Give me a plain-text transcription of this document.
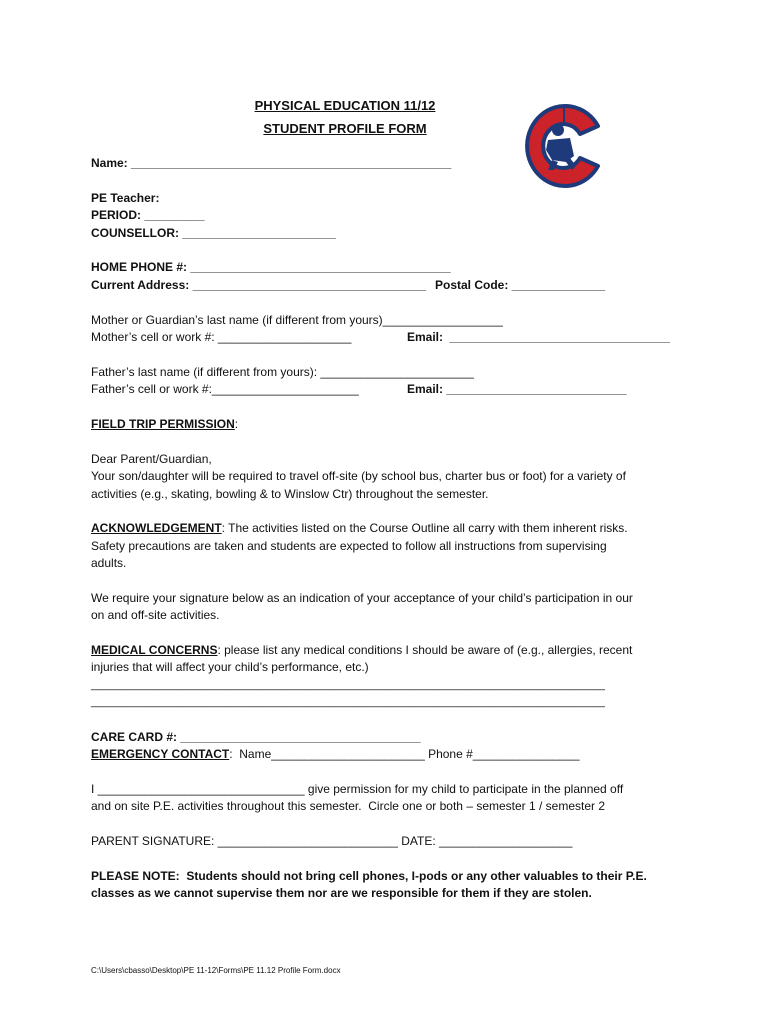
PHYSICAL EDUCATION 11/12
STUDENT PROFILE FORM
Name: ________________________________________________
PE Teacher:
PERIOD: _________
COUNSELLOR: _______________________
HOME PHONE #: _______________________________________
Current Address: ___________________________________ Postal Code: ______________
Mother or Guardian’s last name (if different from yours)__________________
Mother’s cell or work #: ____________________	Email:  _________________________________
Father’s last name (if different from yours): _______________________
Father’s cell or work #:______________________	Email: ___________________________
FIELD TRIP PERMISSION:
Dear Parent/Guardian,
Your son/daughter will be required to travel off-site (by school bus, charter bus or foot) for a variety of
activities (e.g., skating, bowling & to Winslow Ctr) throughout the semester.
ACKNOWLEDGEMENT: The activities listed on the Course Outline all carry with them inherent risks.
Safety precautions are taken and students are expected to follow all instructions from supervising
adults.
We require your signature below as an indication of your acceptance of your child’s participation in our
on and off-site activities.
MEDICAL CONCERNS: please list any medical conditions I should be aware of (e.g., allergies, recent
injuries that will affect your child’s performance, etc.)
____________________________________________________________________________________
____________________________________________________________________________________
CARE CARD #: ____________________________________
EMERGENCY CONTACT:  Name_______________________ Phone #________________
I _______________________________ give permission for my child to participate in the planned off
and on site P.E. activities throughout this semester.  Circle one or both – semester 1 / semester 2
PARENT SIGNATURE: ___________________________ DATE: ____________________
PLEASE NOTE:  Students should not bring cell phones, I-pods or any other valuables to their P.E.
classes as we cannot supervise them nor are we responsible for them if they are stolen.
C:\Users\cbasso\Desktop\PE 11-12\Forms\PE 11.12 Profile Form.docx
